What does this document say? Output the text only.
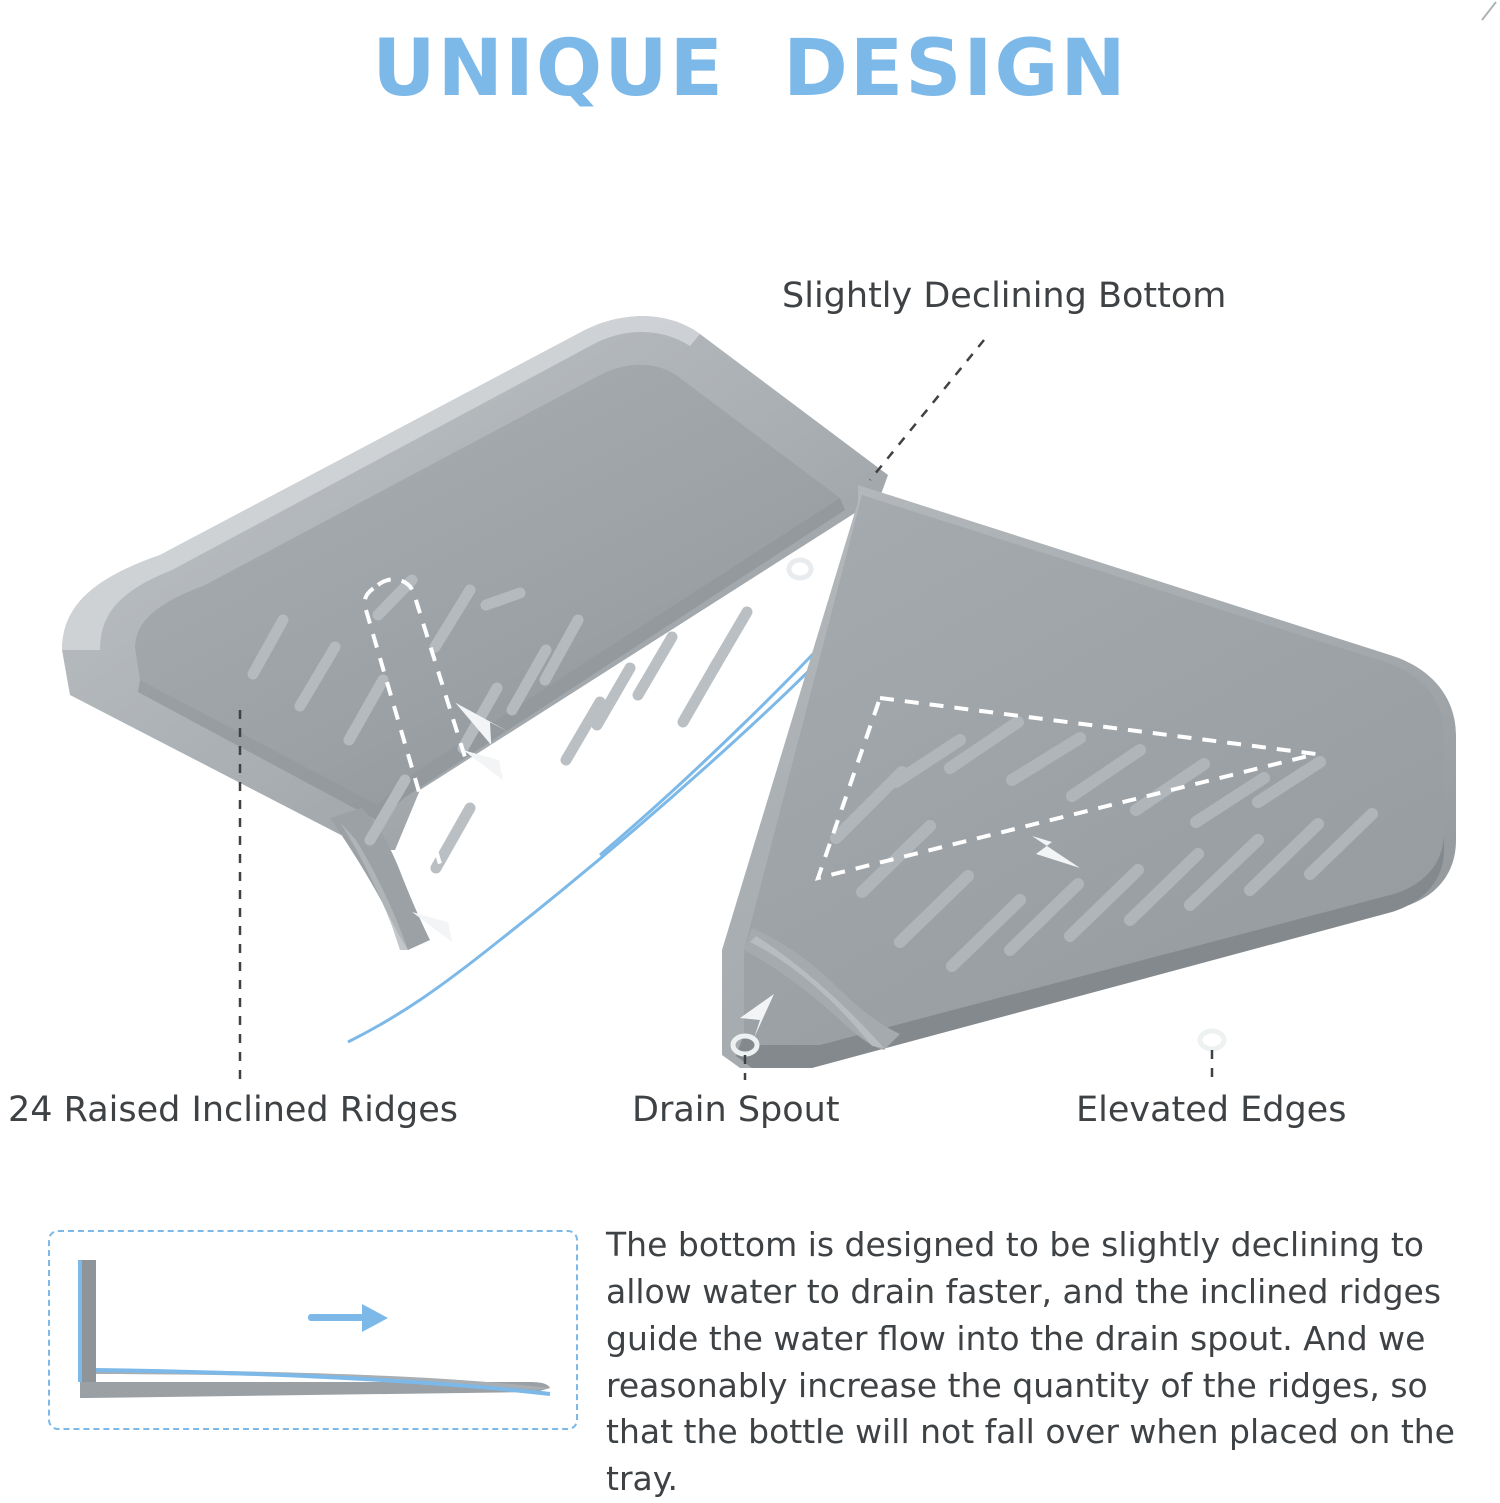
UNIQUE  DESIGN
Slightly Declining Bottom
24 Raised Inclined Ridges	Drain Spout	Elevated Edges
The bottom is designed to be slightly declining to allow water to drain faster, and the inclined ridges guide the water flow into the drain spout. And we reasonably increase the quantity of the ridges, so that the bottle will not fall over when placed on the tray.
